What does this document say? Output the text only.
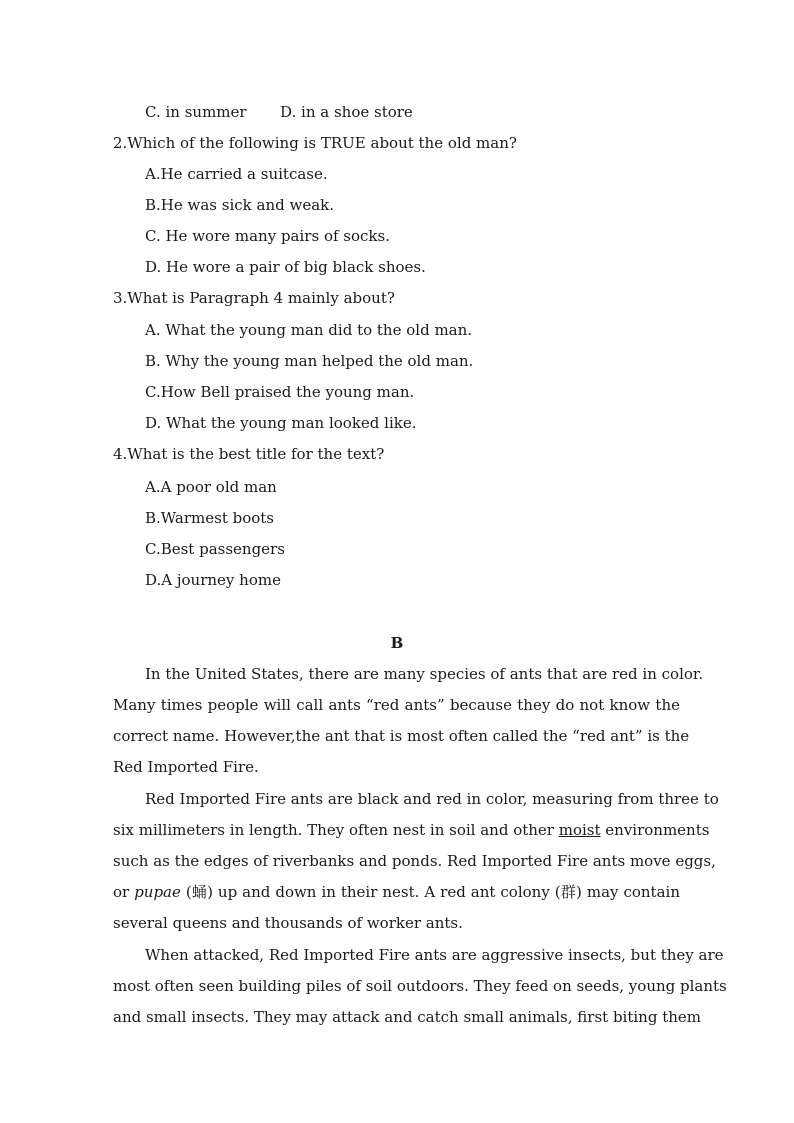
C. in summer D. in a shoe store
2.Which of the following is TRUE about the old man?
A.He carried a suitcase.
B.He was sick and weak.
C. He wore many pairs of socks.
D. He wore a pair of big black shoes.
3.What is Paragraph 4 mainly about?
A. What the young man did to the old man.
B. Why the young man helped the old man.
C.How Bell praised the young man.
D. What the young man looked like.
4.What is the best title for the text?
A.A poor old man
B.Warmest boots
C.Best passengers
D.A journey home
B
In the United States, there are many species of ants that are red in color.
Many times people will call ants “red ants” because they do not know the
correct name. However,the ant that is most often called the “red ant” is the
Red Imported Fire.
Red Imported Fire ants are black and red in color, measuring from three to
six millimeters in length. They often nest in soil and other moist environments
such as the edges of riverbanks and ponds. Red Imported Fire ants move eggs,
or pupae (蛹) up and down in their nest. A red ant colony (群) may contain
several queens and thousands of worker ants.
When attacked, Red Imported Fire ants are aggressive insects, but they are
most often seen building piles of soil outdoors. They feed on seeds, young plants
and small insects. They may attack and catch small animals, first biting them
